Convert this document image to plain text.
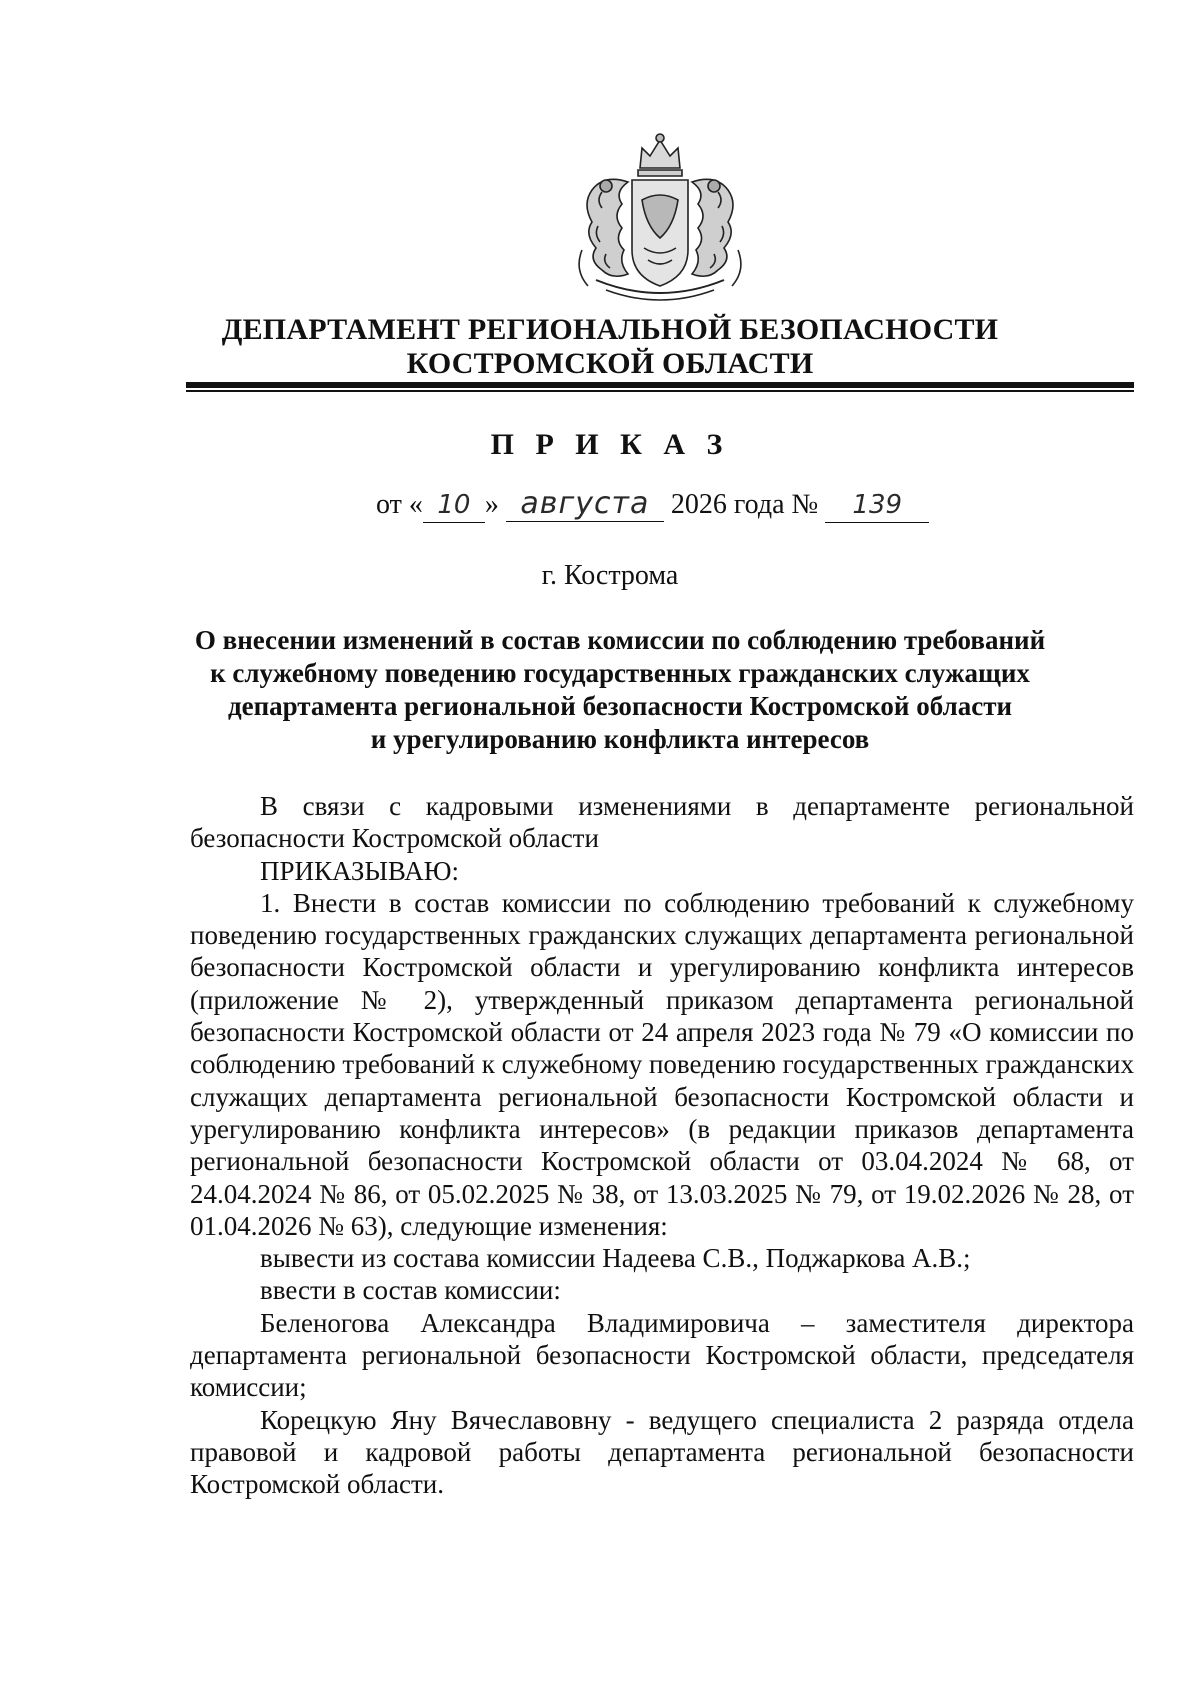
ДЕПАРТАМЕНТ РЕГИОНАЛЬНОЙ БЕЗОПАСНОСТИ
КОСТРОМСКОЙ ОБЛАСТИ
П Р И К А З
от « 10 » августа 2026 года № 139
г. Кострома
О внесении изменений в состав комиссии по соблюдению требований
к служебному поведению государственных гражданских служащих
департамента региональной безопасности Костромской области
и урегулированию конфликта интересов

В связи с кадровыми изменениями в департаменте региональной безопасности Костромской области

ПРИКАЗЫВАЮ:

1. Внести в состав комиссии по соблюдению требований к служебному поведению государственных гражданских служащих департамента региональной безопасности Костромской области и урегулированию конфликта интересов (приложение № 2), утвержденный приказом департамента региональной безопасности Костромской области от 24 апреля 2023 года № 79 «О комиссии по соблюдению требований к служебному поведению государственных гражданских служащих департамента региональной безопасности Костромской области и урегулированию конфликта интересов» (в редакции приказов департамента региональной безопасности Костромской области от 03.04.2024 № 68, от 24.04.2024 № 86, от 05.02.2025 № 38, от 13.03.2025 № 79, от 19.02.2026 № 28, от 01.04.2026 № 63), следующие изменения:

вывести из состава комиссии Надеева С.В., Поджаркова А.В.;

ввести в состав комиссии:

Беленогова Александра Владимировича – заместителя директора департамента региональной безопасности Костромской области, председателя комиссии;

Корецкую Яну Вячеславовну - ведущего специалиста 2 разряда отдела правовой и кадровой работы департамента региональной безопасности Костромской области.
